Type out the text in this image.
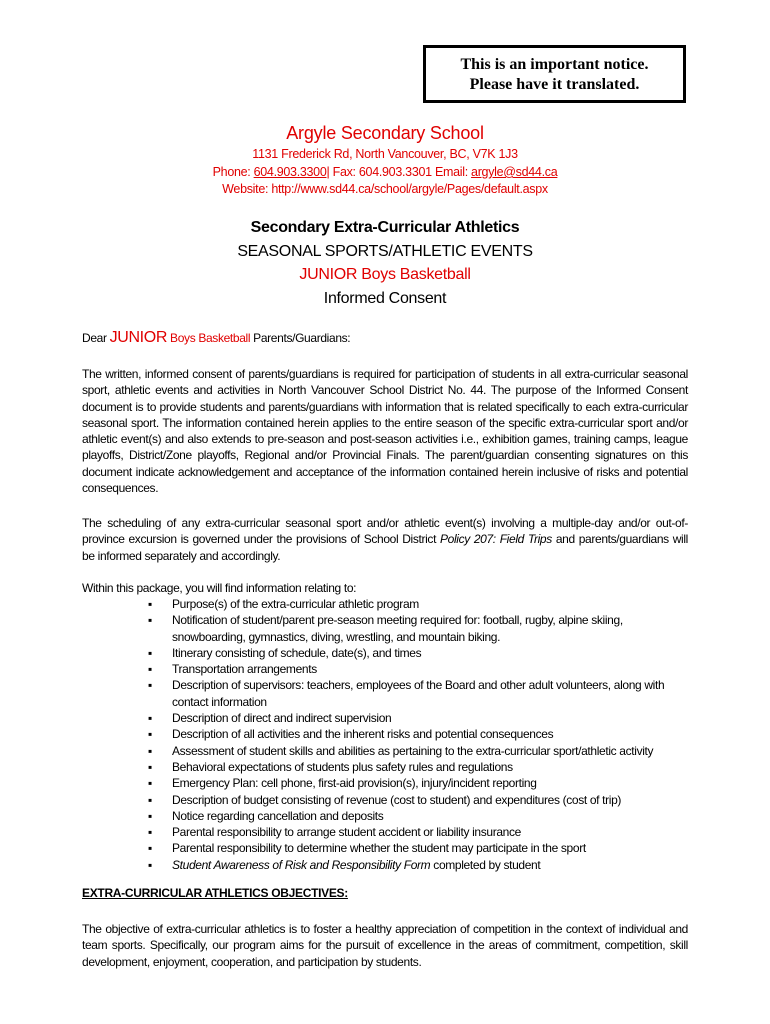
This is an important notice.
Please have it translated.
Argyle Secondary School
1131 Frederick Rd, North Vancouver, BC, V7K 1J3
Phone: 604.903.3300| Fax: 604.903.3301 Email: argyle@sd44.ca
Website: http://www.sd44.ca/school/argyle/Pages/default.aspx
Secondary Extra-Curricular Athletics
SEASONAL SPORTS/ATHLETIC EVENTS
JUNIOR Boys Basketball
Informed Consent
Dear JUNIOR Boys Basketball Parents/Guardians:
The written, informed consent of parents/guardians is required for participation of students in all extra-curricular seasonal sport, athletic events and activities in North Vancouver School District No. 44. The purpose of the Informed Consent document is to provide students and parents/guardians with information that is related specifically to each extra-curricular seasonal sport. The information contained herein applies to the entire season of the specific extra-curricular sport and/or athletic event(s) and also extends to pre-season and post-season activities i.e., exhibition games, training camps, league playoffs, District/Zone playoffs, Regional and/or Provincial Finals. The parent/guardian consenting signatures on this document indicate acknowledgement and acceptance of the information contained herein inclusive of risks and potential consequences.
The scheduling of any extra-curricular seasonal sport and/or athletic event(s) involving a multiple-day and/or out-of-province excursion is governed under the provisions of School District Policy 207: Field Trips and parents/guardians will be informed separately and accordingly.
Within this package, you will find information relating to:
▪ Purpose(s) of the extra-curricular athletic program
▪ Notification of student/parent pre-season meeting required for: football, rugby, alpine skiing, snowboarding, gymnastics, diving, wrestling, and mountain biking.
▪ Itinerary consisting of schedule, date(s), and times
▪ Transportation arrangements
▪ Description of supervisors: teachers, employees of the Board and other adult volunteers, along with contact information
▪ Description of direct and indirect supervision
▪ Description of all activities and the inherent risks and potential consequences
▪ Assessment of student skills and abilities as pertaining to the extra-curricular sport/athletic activity
▪ Behavioral expectations of students plus safety rules and regulations
▪ Emergency Plan: cell phone, first-aid provision(s), injury/incident reporting
▪ Description of budget consisting of revenue (cost to student) and expenditures (cost of trip)
▪ Notice regarding cancellation and deposits
▪ Parental responsibility to arrange student accident or liability insurance
▪ Parental responsibility to determine whether the student may participate in the sport
▪ Student Awareness of Risk and Responsibility Form completed by student
EXTRA-CURRICULAR ATHLETICS OBJECTIVES:
The objective of extra-curricular athletics is to foster a healthy appreciation of competition in the context of individual and team sports. Specifically, our program aims for the pursuit of excellence in the areas of commitment, competition, skill development, enjoyment, cooperation, and participation by students.
